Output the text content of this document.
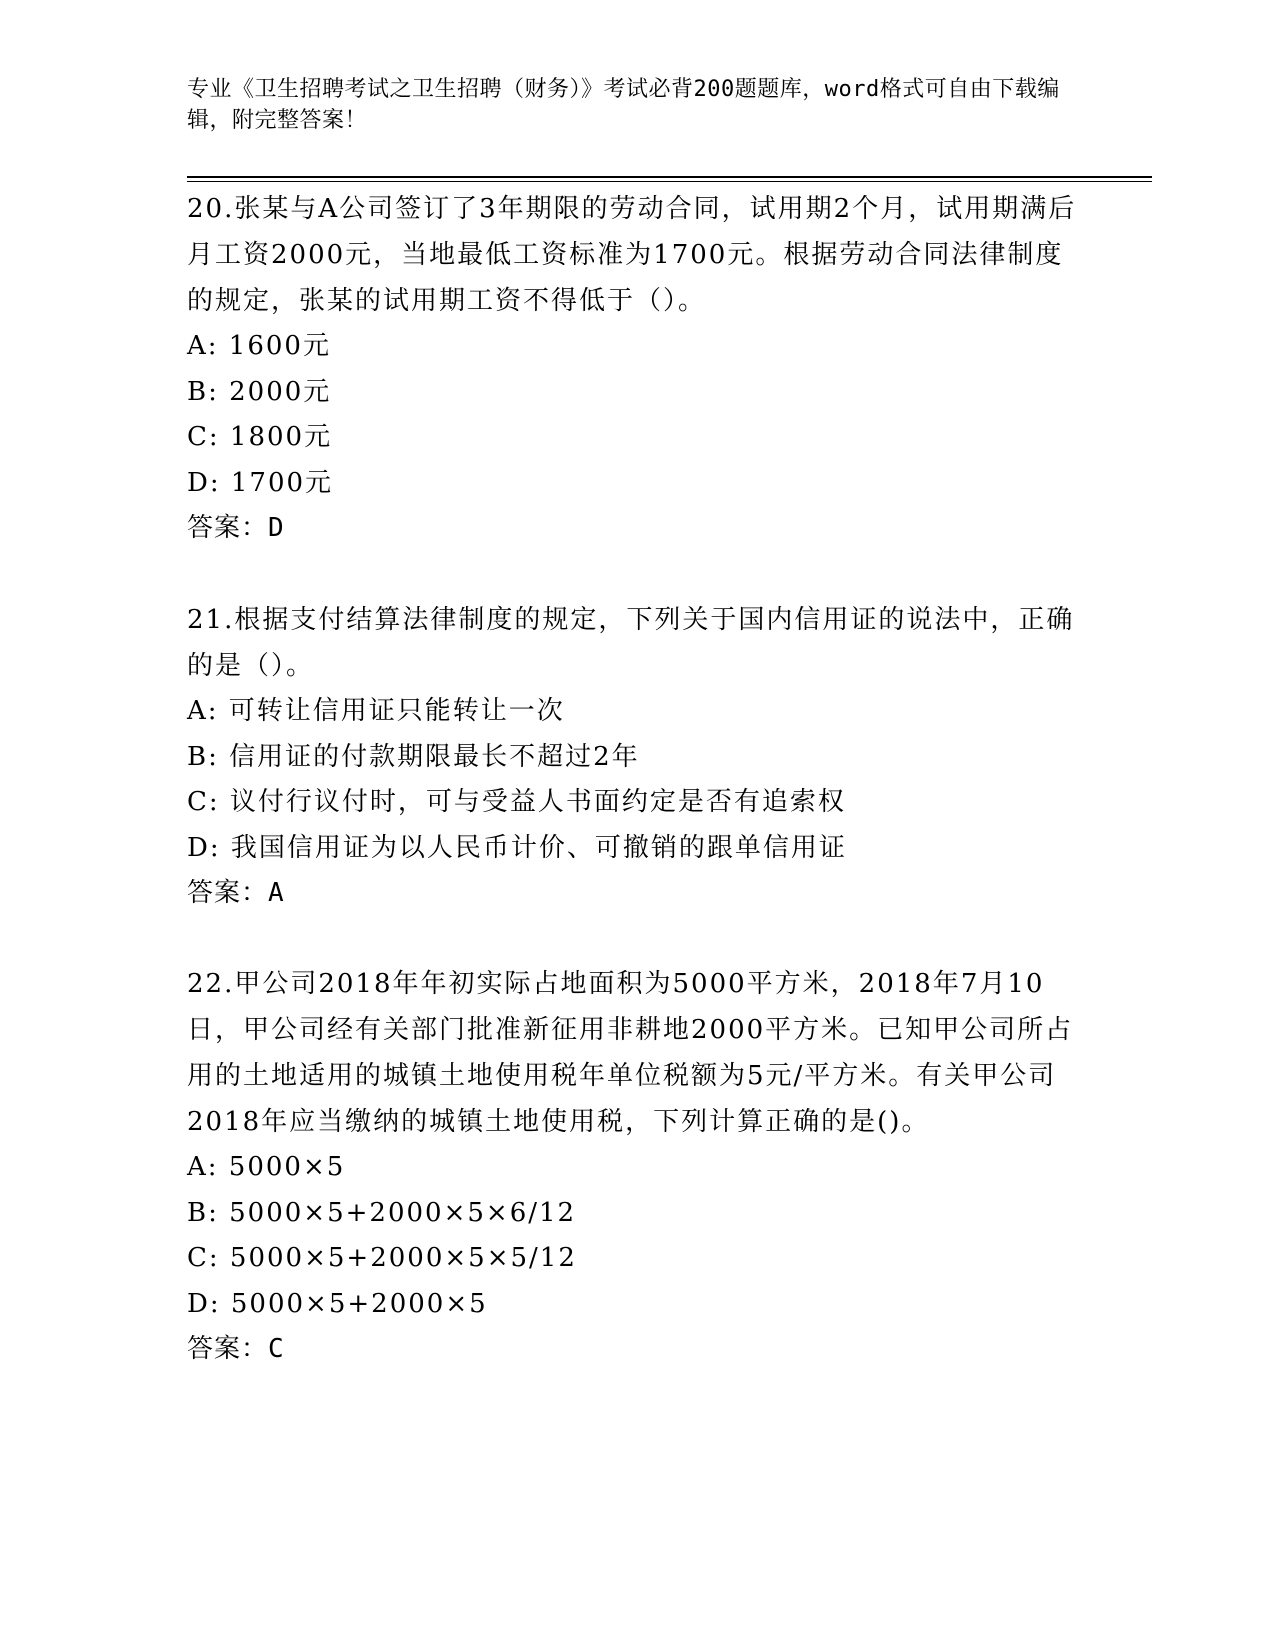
专业《卫生招聘考试之卫生招聘（财务）》考试必背200题题库，word格式可自由下载编辑，附完整答案！

20.张某与A公司签订了3年期限的劳动合同，试用期2个月，试用期满后月工资2000元，当地最低工资标准为1700元。根据劳动合同法律制度的规定，张某的试用期工资不得低于（）。

A: 1600元

B: 2000元

C: 1800元

D: 1700元

答案：D

21.根据支付结算法律制度的规定，下列关于国内信用证的说法中，正确的是（）。

A: 可转让信用证只能转让一次

B: 信用证的付款期限最长不超过2年

C: 议付行议付时，可与受益人书面约定是否有追索权

D: 我国信用证为以人民币计价、可撤销的跟单信用证

答案：A

22.甲公司2018年年初实际占地面积为5000平方米，2018年7月10日，甲公司经有关部门批准新征用非耕地2000平方米。已知甲公司所占用的土地适用的城镇土地使用税年单位税额为5元/平方米。有关甲公司2018年应当缴纳的城镇土地使用税，下列计算正确的是()。

A: 5000×5

B: 5000×5+2000×5×6/12

C: 5000×5+2000×5×5/12

D: 5000×5+2000×5

答案：C
